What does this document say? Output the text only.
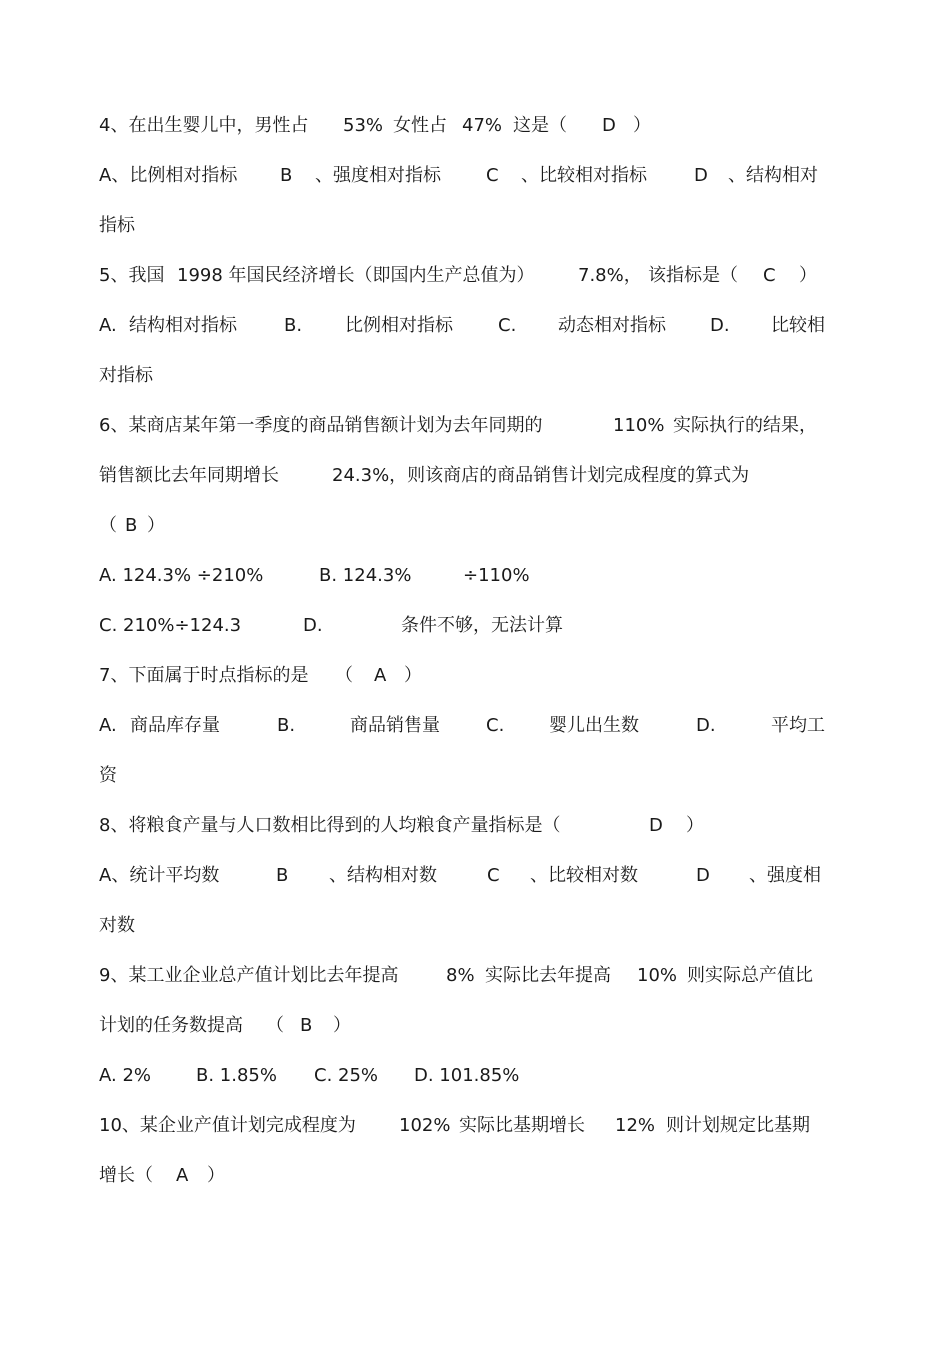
4、在出生婴儿中，男性占

53%

女性占

47%

这是（

D

）

A、比例相对指标

B

、强度相对指标

	C

、比较相对指标

	D

、结构相对

指标

5、我国

1998 年国民经济增长（即国内生产总值为）

7.8%，

该指标是（

C

）

A.

结构相对指标

	B.

比例相对指标

	C.

动态相对指标

D.

比较相

对指标

6、某商店某年第一季度的商品销售额计划为去年同期的

	110%

实际执行的结果，

销售额比去年同期增长

	24.3%，则该商店的商品销售计划完成程度的算式为

（

B

）

A. 124.3% ÷210%

	B. 124.3%

	÷110%

C. 210%÷124.3

	D.

	条件不够，无法计算

7、下面属于时点指标的是

（

A

）

A.

商品库存量

	B.

	商品销售量

	C.

婴儿出生数

	D.

	平均工

资

8、将粮食产量与人口数相比得到的人均粮食产量指标是（

	D

）

A、统计平均数

	B

、结构相对数

	C

、比较相对数

	D

、强度相

对数

9、某工业企业总产值计划比去年提高

	8%

实际比去年提高

10%

则实际总产值比

计划的任务数提高

（

B

）

A. 2%

	B. 1.85%

C. 25%

D. 101.85%

10、某企业产值计划完成程度为

102%

实际比基期增长

12%

则计划规定比基期

增长（

A

）
